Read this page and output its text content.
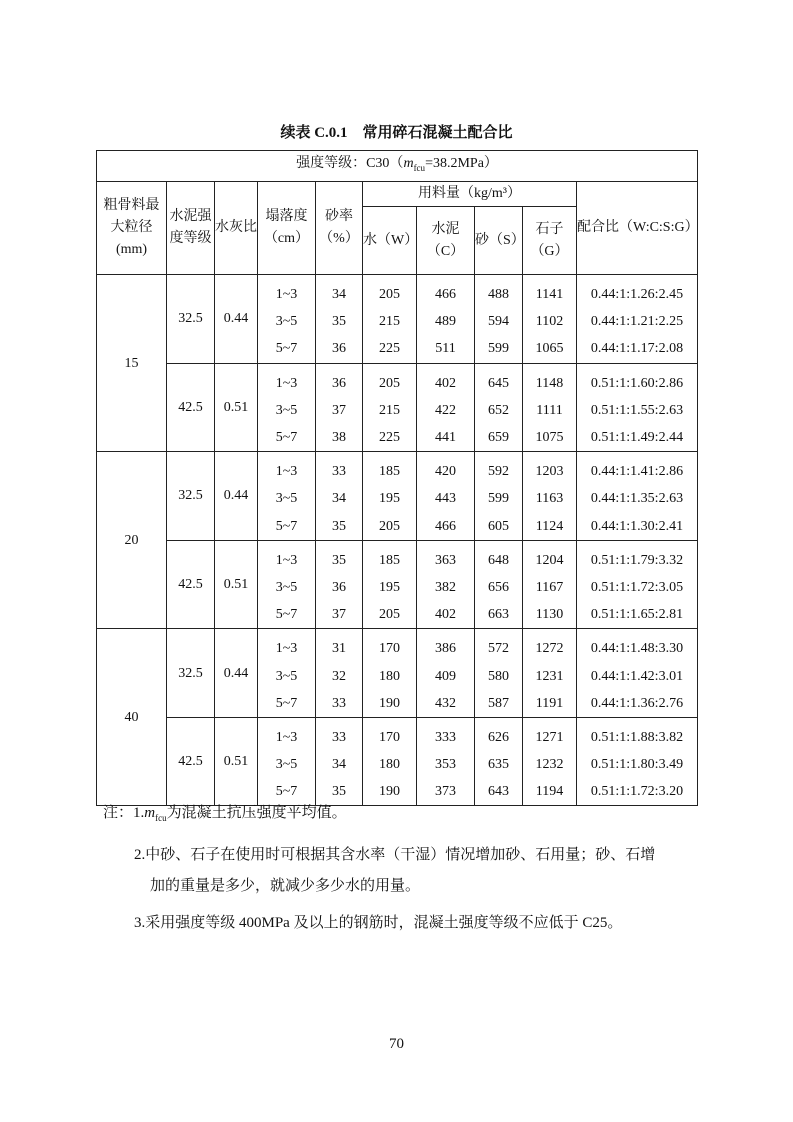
续表 C.0.1　常用碎石混凝土配合比
强度等级：$C30(m_{fcu}=38.2MPa)$									
粗骨料最大粒径(mm)	水泥强度等级	水灰比	塌落度（cm）	砂率（%）	用料量（kg/m³）				配合比（W:C:S:G）
					水（W）	水泥（C）	砂（S）	石子（G）	
15	32.5	0.44	1~3	34	205	466	488	1141	0.44:1:1.26:2.45
			3~5	35	215	489	594	1102	0.44:1:1.21:2.25
			5~7	36	225	511	599	1065	0.44:1:1.17:2.08
	42.5	0.51	1~3	36	205	402	645	1148	0.51:1:1.60:2.86
			3~5	37	215	422	652	1111	0.51:1:1.55:2.63
			5~7	38	225	441	659	1075	0.51:1:1.49:2.44
20	32.5	0.44	1~3	33	185	420	592	1203	0.44:1:1.41:2.86
			3~5	34	195	443	599	1163	0.44:1:1.35:2.63
			5~7	35	205	466	605	1124	0.44:1:1.30:2.41
	42.5	0.51	1~3	35	185	363	648	1204	0.51:1:1.79:3.32
			3~5	36	195	382	656	1167	0.51:1:1.72:3.05
			5~7	37	205	402	663	1130	0.51:1:1.65:2.81
40	32.5	0.44	1~3	31	170	386	572	1272	0.44:1:1.48:3.30
			3~5	32	180	409	580	1231	0.44:1:1.42:3.01
			5~7	33	190	432	587	1191	0.44:1:1.36:2.76
	42.5	0.51	1~3	33	170	333	626	1271	0.51:1:1.88:3.82
			3~5	34	180	353	635	1232	0.51:1:1.80:3.49
			5~7	35	190	373	643	1194	0.51:1:1.72:3.20
注：$1.m_{fcu}$为混凝土抗压强度平均值。
2.中砂、石子在使用时可根据其含水率（干湿）情况增加砂、石用量；砂、石增
加的重量是多少，就减少多少水的用量。
3.采用强度等级 400MPa 及以上的钢筋时，混凝土强度等级不应低于 C25。
70
